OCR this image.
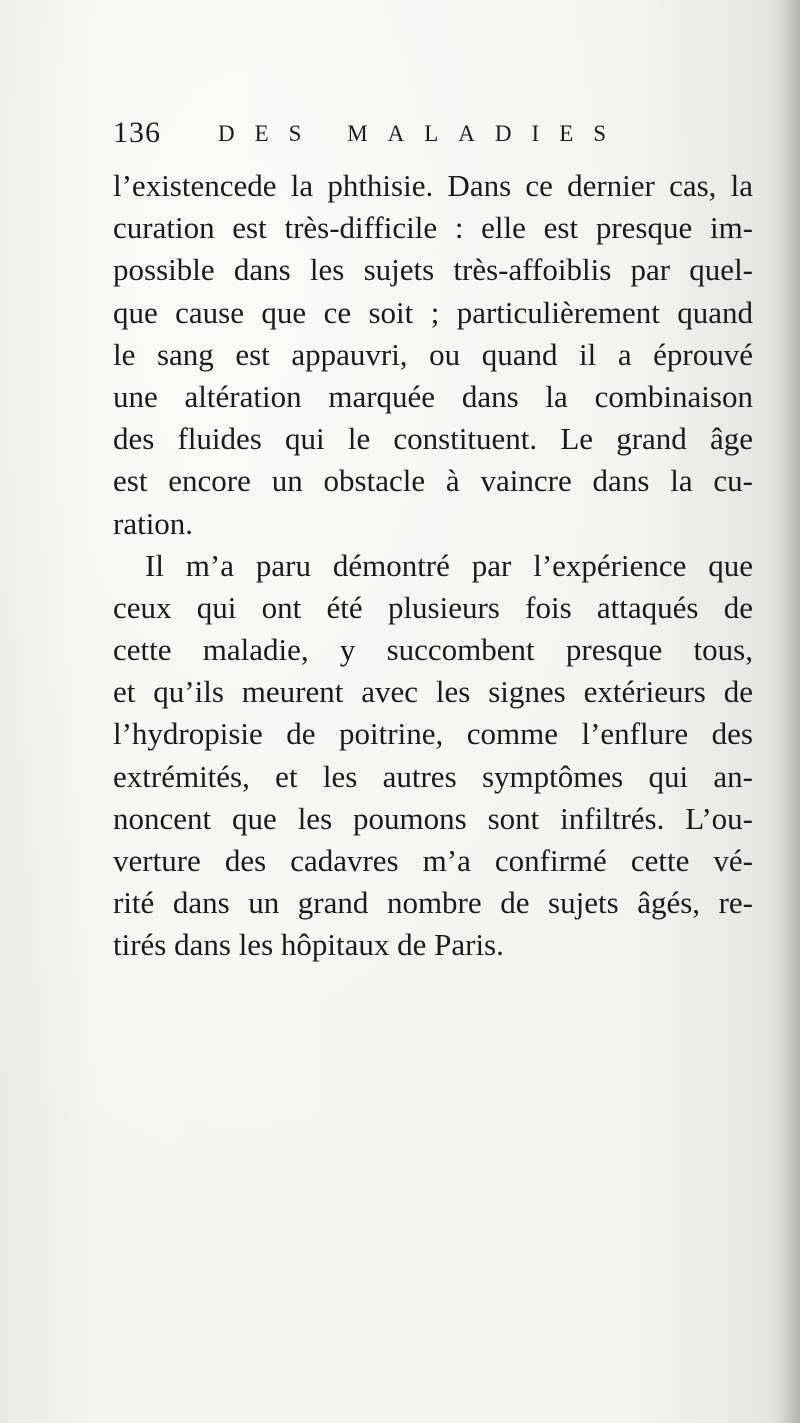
136 DES MALADIES
l’existencede la phthisie. Dans ce dernier cas, la
curation est très-difficile : elle est presque im-
possible dans les sujets très-affoiblis par quel-
que cause que ce soit ; particulièrement quand
le sang est appauvri, ou quand il a éprouvé
une altération marquée dans la combinaison
des fluides qui le constituent. Le grand âge
est encore un obstacle à vaincre dans la cu-
ration.
Il m’a paru démontré par l’expérience que
ceux qui ont été plusieurs fois attaqués de
cette maladie, y succombent presque tous,
et qu’ils meurent avec les signes extérieurs de
l’hydropisie de poitrine, comme l’enflure des
extrémités, et les autres symptômes qui an-
noncent que les poumons sont infiltrés. L’ou-
verture des cadavres m’a confirmé cette vé-
rité dans un grand nombre de sujets âgés, re-
tirés dans les hôpitaux de Paris.
